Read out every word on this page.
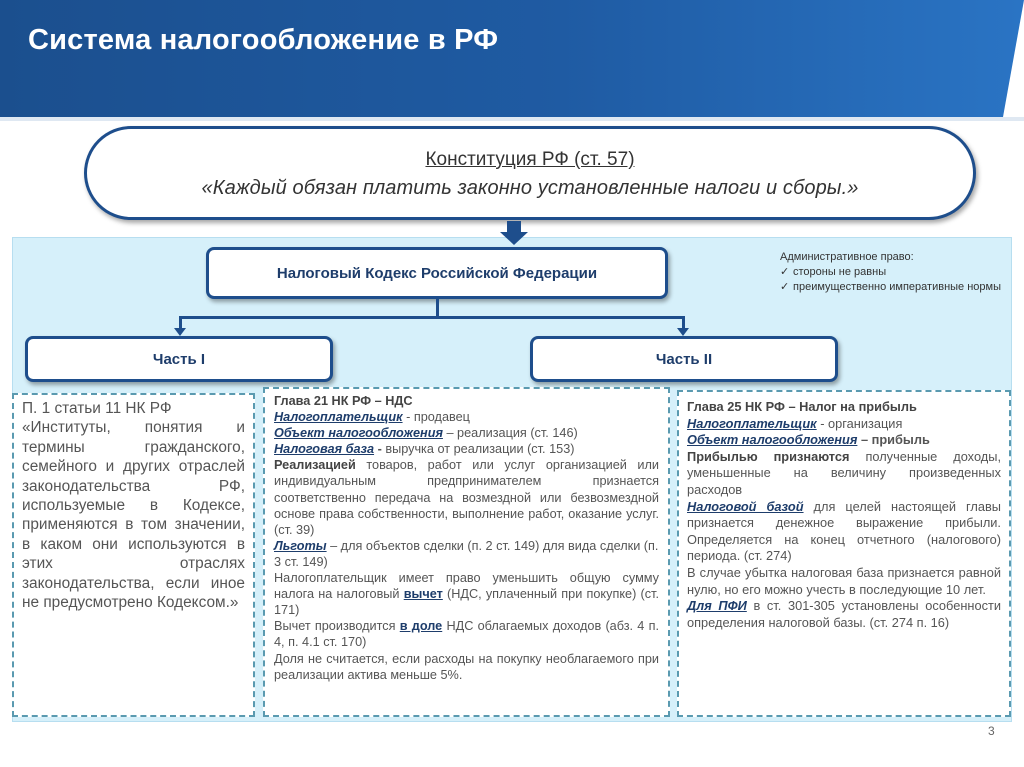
Система налогообложение в РФ
Конституция РФ (ст. 57)
«Каждый обязан платить законно установленные налоги и сборы.»
Налоговый Кодекс Российской Федерации
Административное право:
✓ стороны не равны
✓ преимущественно императивные нормы
Часть I	Часть II
П. 1 статьи 11 НК РФ
«Институты, понятия и термины гражданского, семейного и других отраслей законодательства РФ, используемые в Кодексе, применяются в том значении, в каком они используются в этих отраслях законодательства, если иное не предусмотрено Кодексом.»
Глава 21 НК РФ – НДС
Налогоплательщик - продавец
Объект налогообложения – реализация (ст. 146)
Налоговая база - выручка от реализации (ст. 153)
Реализацией товаров, работ или услуг организацией или индивидуальным предпринимателем признается соответственно передача на возмездной или безвозмездной основе права собственности, выполнение работ, оказание услуг. (ст. 39)
Льготы – для объектов сделки (п. 2 ст. 149) для вида сделки (п. 3 ст. 149)
Налогоплательщик имеет право уменьшить общую сумму налога на налоговый вычет (НДС, уплаченный при покупке) (ст. 171)
Вычет производится в доле НДС облагаемых доходов (абз. 4 п. 4, п. 4.1 ст. 170)
Доля не считается, если расходы на покупку необлагаемого при реализации актива меньше 5%.
Глава 25 НК РФ – Налог на прибыль
Налогоплательщик - организация
Объект налогообложения – прибыль
Прибылью признаются полученные доходы, уменьшенные на величину произведенных расходов
Налоговой базой для целей настоящей главы признается денежное выражение прибыли. Определяется на конец отчетного (налогового) периода. (ст. 274)
В случае убытка налоговая база признается равной нулю, но его можно учесть в последующие 10 лет.
Для ПФИ в ст. 301-305 установлены особенности определения налоговой базы. (ст. 274 п. 16)
3
